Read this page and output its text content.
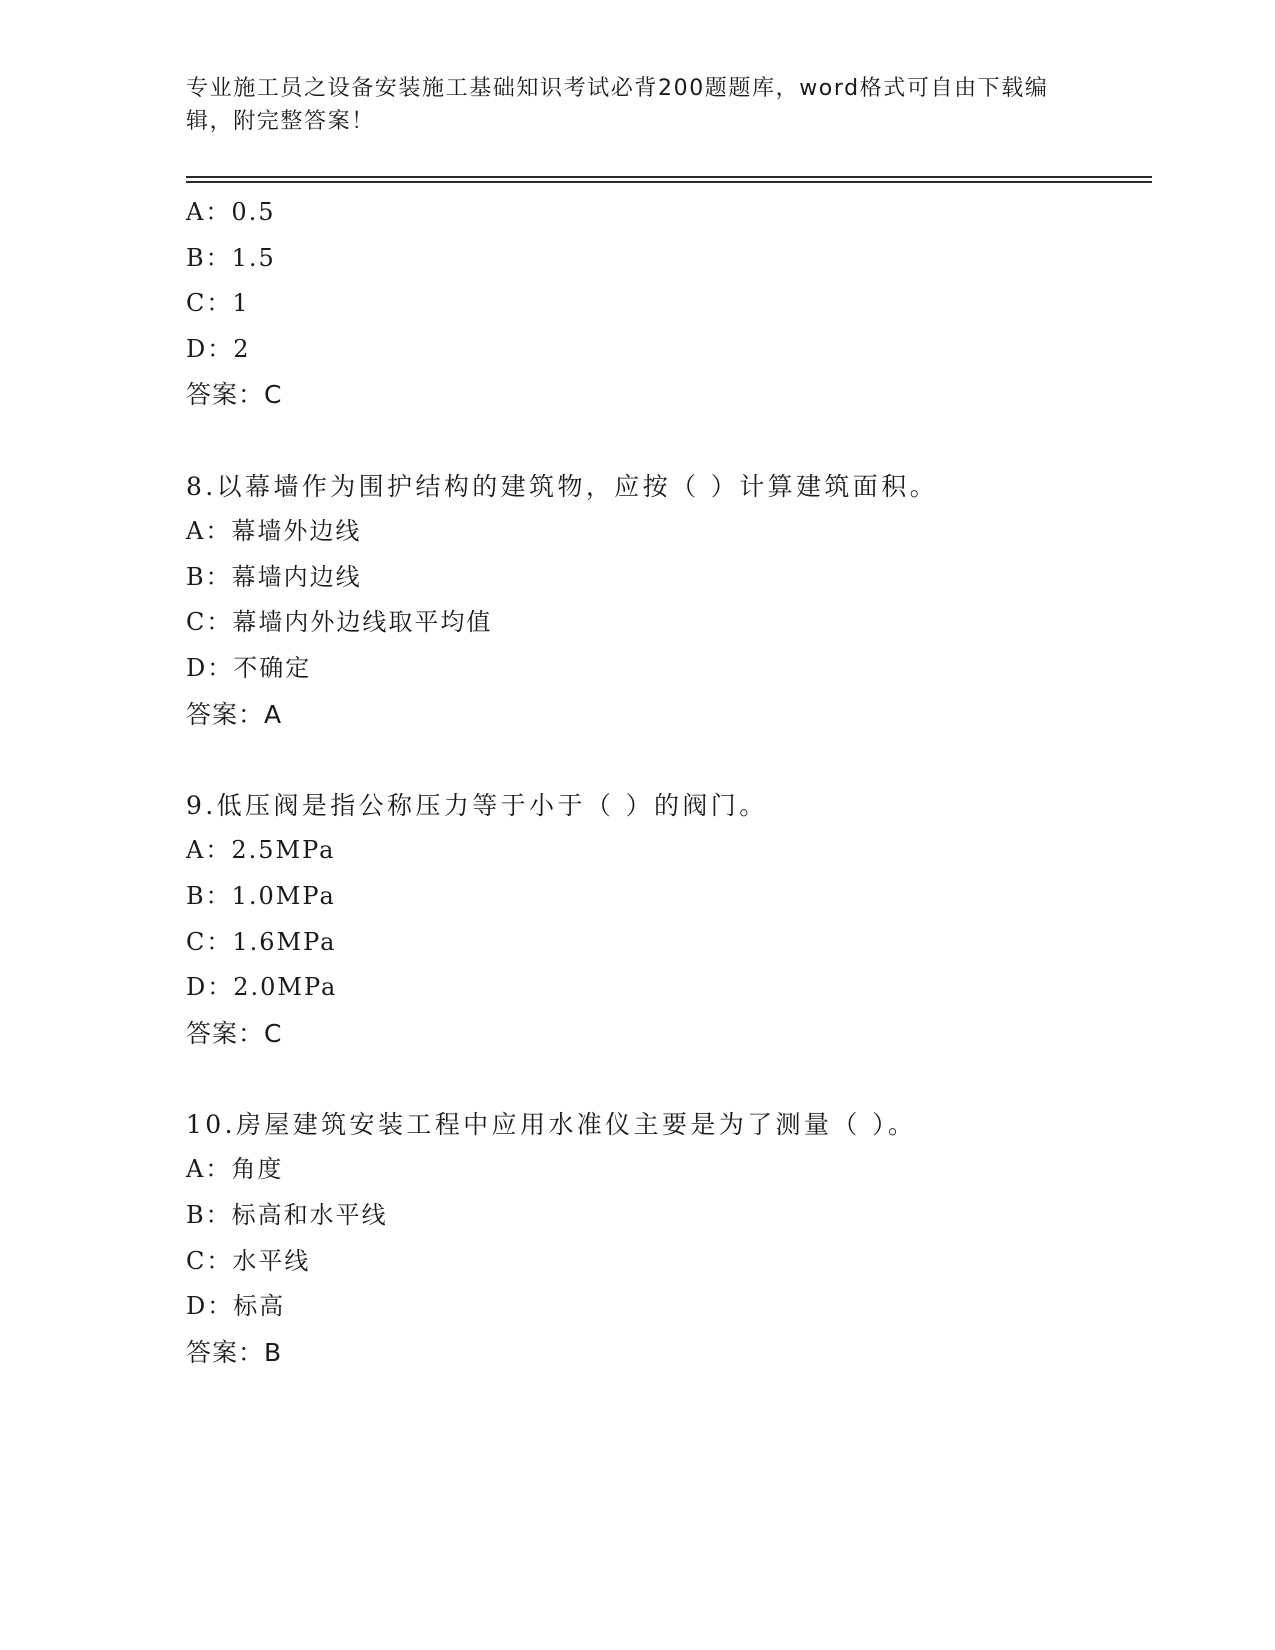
专业施工员之设备安装施工基础知识考试必背200题题库，word格式可自由下载编辑，附完整答案！
A：0.5
B：1.5
C：1
D：2
答案：C
8.以幕墙作为围护结构的建筑物，应按（ ）计算建筑面积。
A：幕墙外边线
B：幕墙内边线
C：幕墙内外边线取平均值
D：不确定
答案：A
9.低压阀是指公称压力等于小于（ ）的阀门。
A：2.5MPa
B：1.0MPa
C：1.6MPa
D：2.0MPa
答案：C
10.房屋建筑安装工程中应用水准仪主要是为了测量（ ）。
A：角度
B：标高和水平线
C：水平线
D：标高
答案：B
